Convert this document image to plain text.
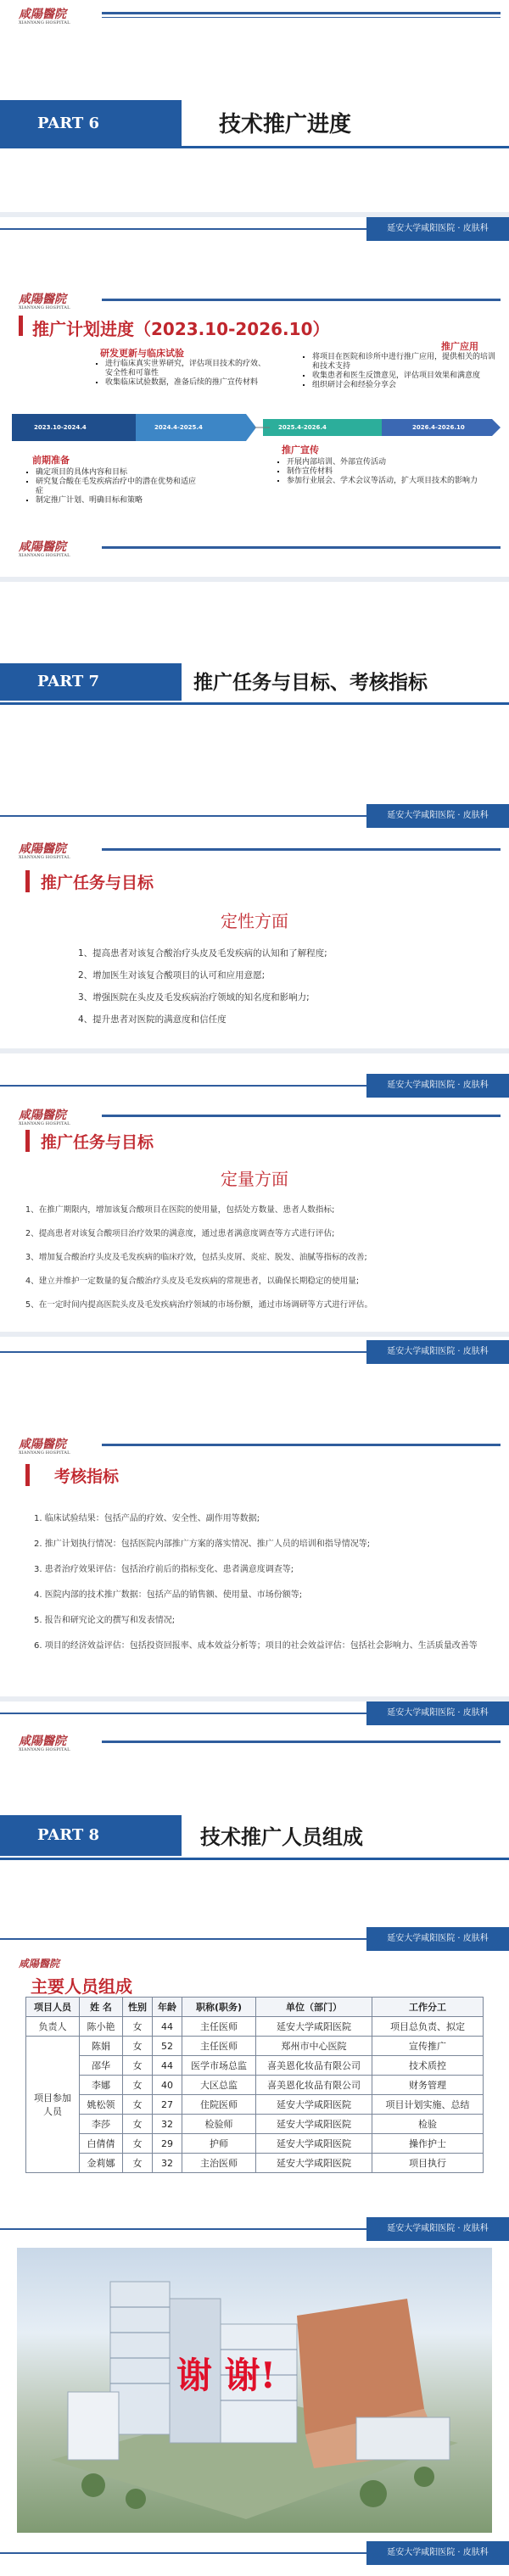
咸陽醫院
XIANYANG HOSPITAL
PART 6	技术推广进度
延安大学咸阳医院 · 皮肤科
咸陽醫院
XIANYANG HOSPITAL
推广计划进度（2023.10-2026.10）
研发更新与临床试验
▪ 进行临床真实世界研究，评估项目技术的疗效、安全性和可靠性
▪ 收集临床试验数据，准备后续的推广宣传材料
推广应用
▪ 将项目在医院和诊所中进行推广应用，提供相关的培训和技术支持
▪ 收集患者和医生反馈意见，评估项目效果和满意度
▪ 组织研讨会和经验分享会
2023.10-2024.4	2024.4-2025.4	2025.4-2026.4	2026.4-2026.10
前期准备
▪ 确定项目的具体内容和目标
▪ 研究复合酸在毛发疾病治疗中的潜在优势和适应症
▪ 制定推广计划、明确目标和策略
推广宣传
▪ 开展内部培训、外部宣传活动
▪ 制作宣传材料
▪ 参加行业展会、学术会议等活动，扩大项目技术的影响力
咸陽醫院
XIANYANG HOSPITAL
PART 7	推广任务与目标、考核指标
延安大学咸阳医院 · 皮肤科
咸陽醫院
XIANYANG HOSPITAL
推广任务与目标
定性方面
1、提高患者对该复合酸治疗头皮及毛发疾病的认知和了解程度;
2、增加医生对该复合酸项目的认可和应用意愿;
3、增强医院在头皮及毛发疾病治疗领域的知名度和影响力;
4、提升患者对医院的满意度和信任度
延安大学咸阳医院 · 皮肤科
咸陽醫院
XIANYANG HOSPITAL
推广任务与目标
定量方面
1、在推广期限内，增加该复合酸项目在医院的使用量，包括处方数量、患者人数指标;
2、提高患者对该复合酸项目治疗效果的满意度，通过患者满意度调查等方式进行评估;
3、增加复合酸治疗头皮及毛发疾病的临床疗效，包括头皮屑、炎症、脱发、油腻等指标的改善;
4、建立并维护一定数量的复合酸治疗头皮及毛发疾病的常规患者，以确保长期稳定的使用量;
5、在一定时间内提高医院头皮及毛发疾病治疗领域的市场份额，通过市场调研等方式进行评估。
延安大学咸阳医院 · 皮肤科
咸陽醫院
XIANYANG HOSPITAL
考核指标
1. 临床试验结果：包括产品的疗效、安全性、副作用等数据;
2. 推广计划执行情况：包括医院内部推广方案的落实情况、推广人员的培训和指导情况等;
3. 患者治疗效果评估：包括治疗前后的指标变化、患者满意度调查等;
4. 医院内部的技术推广数据：包括产品的销售额、使用量、市场份额等;
5. 报告和研究论文的撰写和发表情况;
6. 项目的经济效益评估：包括投资回报率、成本效益分析等；项目的社会效益评估：包括社会影响力、生活质量改善等
延安大学咸阳医院 · 皮肤科
咸陽醫院
XIANYANG HOSPITAL
PART 8	技术推广人员组成
延安大学咸阳医院 · 皮肤科
咸陽醫院
主要人员组成
项目人员	姓 名	性别	年龄	职称(职务)	单位（部门）	工作分工
负责人	陈小艳	女	44	主任医师	延安大学咸阳医院	项目总负责、拟定
项目参加人员	陈娟	女	52	主任医师	郑州市中心医院	宣传推广
	邵华	女	44	医学市场总监	喜美恩化妆品有限公司	技术质控
	李娜	女	40	大区总监	喜美恩化妆品有限公司	财务管理
	姚松领	女	27	住院医师	延安大学咸阳医院	项目计划实施、总结
	李莎	女	32	检验师	延安大学咸阳医院	检验
	白倩倩	女	29	护师	延安大学咸阳医院	操作护士
	金莉娜	女	32	主治医师	延安大学咸阳医院	项目执行
延安大学咸阳医院 · 皮肤科
谢 谢!
延安大学咸阳医院 · 皮肤科
